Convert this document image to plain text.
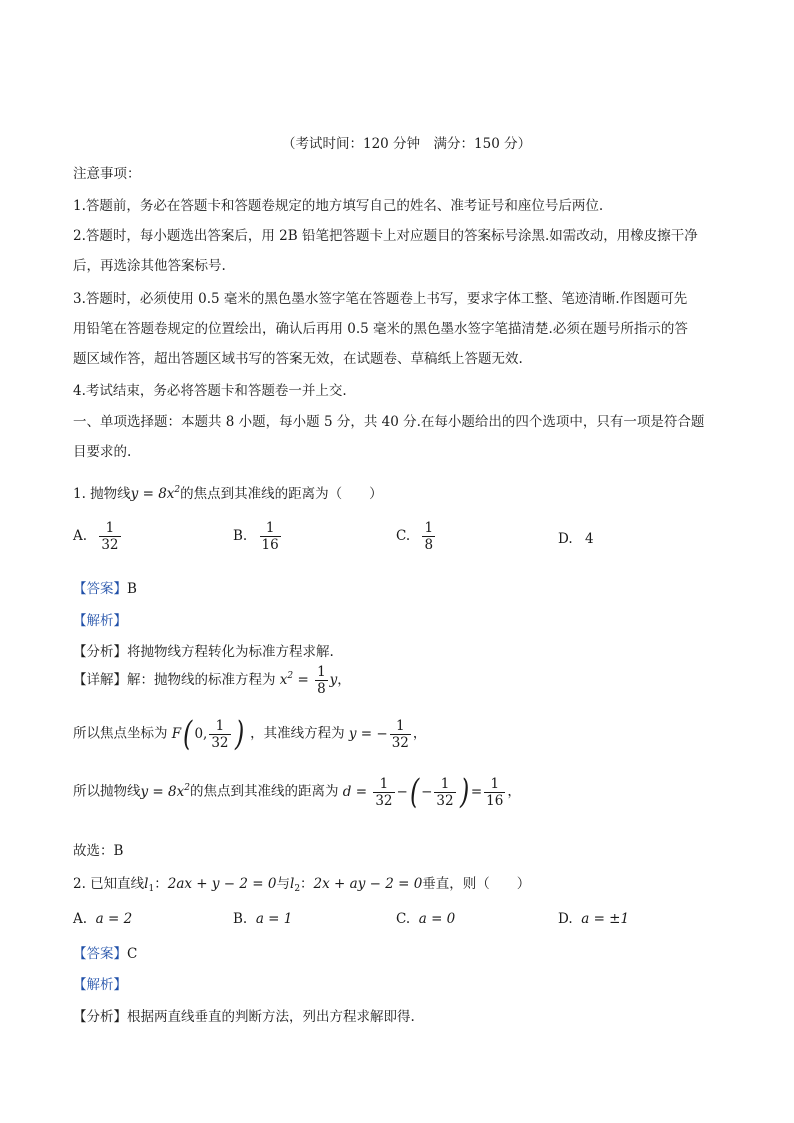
（考试时间：120 分钟　满分：150 分）
注意事项：
1.答题前，务必在答题卡和答题卷规定的地方填写自己的姓名、准考证号和座位号后两位.
2.答题时，每小题选出答案后，用 2B 铅笔把答题卡上对应题目的答案标号涂黑.如需改动，用橡皮擦干净
后，再选涂其他答案标号.
3.答题时，必须使用 0.5 毫米的黑色墨水签字笔在答题卷上书写，要求字体工整、笔迹清晰.作图题可先
用铅笔在答题卷规定的位置绘出，确认后再用 0.5 毫米的黑色墨水签字笔描清楚.必须在题号所指示的答
题区域作答，超出答题区域书写的答案无效，在试题卷、草稿纸上答题无效.
4.考试结束，务必将答题卡和答题卷一并上交.
一、单项选择题：本题共 8 小题，每小题 5 分，共 40 分.在每小题给出的四个选项中，只有一项是符合题
目要求的.
1. 抛物线$y = 8x^2$的焦点到其准线的距离为（　　）
A. $\frac{1}{32}$	B. $\frac{1}{16}$	C. $\frac{1}{8}$	D. 4
【答案】B
【解析】
【分析】将抛物线方程转化为标准方程求解.
【详解】解：抛物线的标准方程为 $x^2 = \frac{1}{8}$ y，
所以焦点坐标为 F( 0, $\frac{1}{32}$ ) ，其准线方程为 y = − $\frac{1}{32}$ ，
所以抛物线$y = 8x^2$的焦点到其准线的距离为 $d = \frac{1}{32}$ −( − $\frac{1}{32}$ ) = $\frac{1}{16}$ ，
故选：B
2. 已知直线$l_1$：2ax + y − 2 = 0与$l_2$：2x + ay − 2 = 0垂直，则（　　）
A. a = 2	B. a = 1	C. a = 0	D. a = ±1
【答案】C
【解析】
【分析】根据两直线垂直的判断方法，列出方程求解即得.
